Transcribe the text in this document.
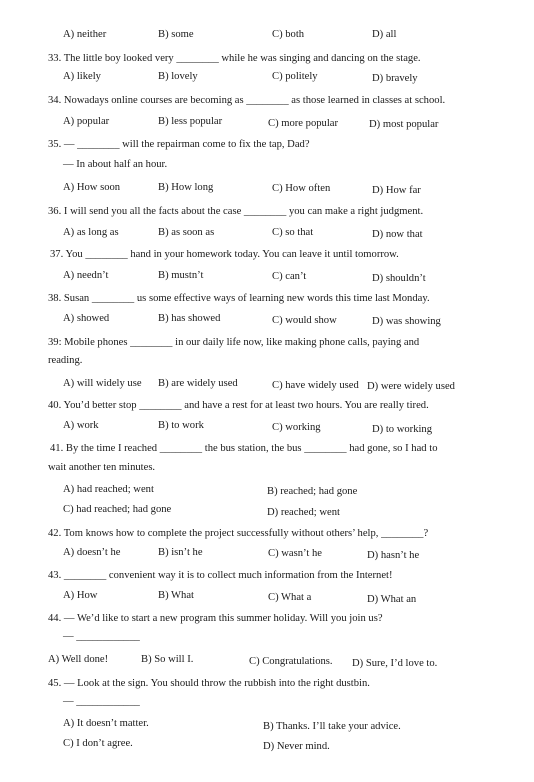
A) neither	B) some	C) both	D) all
33. The little boy looked very ________ while he was singing and dancing on the stage.
A) likely	B) lovely	C) politely	D) bravely
34. Nowadays online courses are becoming as ________ as those learned in classes at school.
A) popular	B) less popular	C) more popular	D) most popular
35. — ________ will the repairman come to fix the tap, Dad?
— In about half an hour.
A) How soon	B) How long	C) How often	D) How far
36. I will send you all the facts about the case ________ you can make a right judgment.
A) as long as	B) as soon as	C) so that	D) now that
37. You ________ hand in your homework today. You can leave it until tomorrow.
A) needn’t	B) mustn’t	C) can’t	D) shouldn’t
38. Susan ________ us some effective ways of learning new words this time last Monday.
A) showed	B) has showed	C) would show	D) was showing
39: Mobile phones ________ in our daily life now, like making phone calls, paying and
reading.
A) will widely use B) are widely used	C) have widely used D) were widely used
40. You’d better stop ________ and have a rest for at least two hours. You are really tired.
A) work	B) to work	C) working	D) to working
41. By the time I reached ________ the bus station, the bus ________ had gone, so I had to
wait another ten minutes.
A) had reached; went	B) reached; had gone
C) had reached; had gone	D) reached; went
42. Tom knows how to complete the project successfully without others’ help, ________?
A) doesn’t he	B) isn’t he	C) wasn’t he	D) hasn’t he
43. ________ convenient way it is to collect much information from the Internet!
A) How	B) What	C) What a	D) What an
44. — We’d like to start a new program this summer holiday. Will you join us?
— ____________
A) Well done!	B) So will I.	C) Congratulations. D) Sure, I’d love to.
45. — Look at the sign. You should throw the rubbish into the right dustbin.
— ____________
A) It doesn’t matter.	B) Thanks. I’ll take your advice.
C) I don’t agree.	D) Never mind.
